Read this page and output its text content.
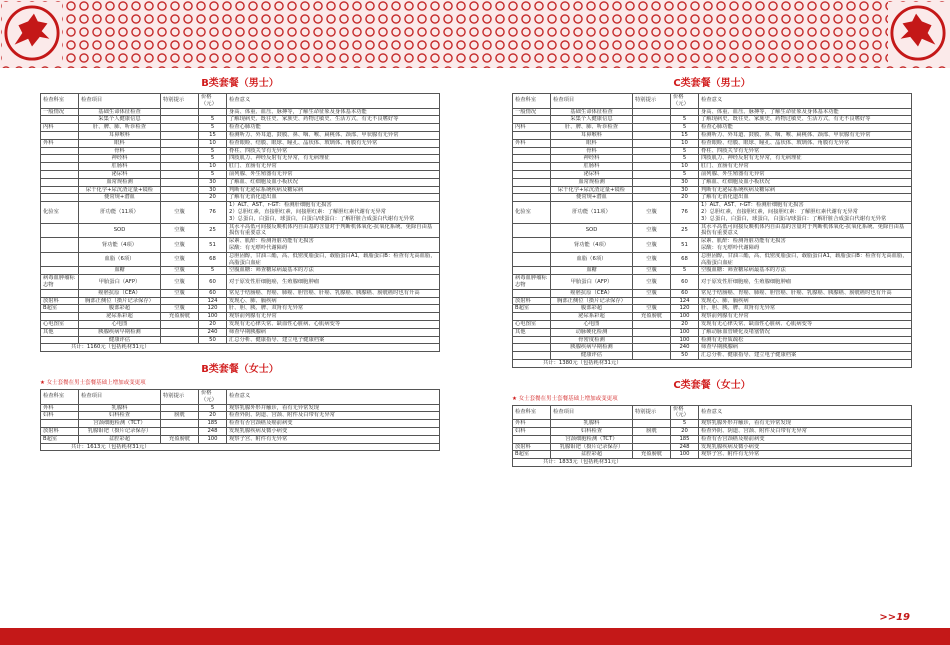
B类套餐（男士）
检查科室	检查项目	特别提示	价格（元）	检查意义
一般情况	基础生命体征检查			身高、体重、血压、脉搏等，了解生命征象及身体基本功能
	采集个人健康信息		5	了解现病史、既往史、家族史、药物过敏史、生活方式，有无不良嗜好等
内科	肝、脾、肺、听诊检查		5	检查心肺功能
	耳鼻喉科		15	检测听力、外耳道、鼓膜、鼻、咽、喉、扁桃体、颈部、甲状腺有无异常
外科	眼科		10	检查眼睑、结膜、眼球、瞳孔、晶状体、玻璃体、角膜有无异常
	骨科		5	脊柱、四肢关节有无异常
	神经科		5	四肢肌力、神经反射有无异常，有无病理征
	肛肠科		10	肛门、直肠有无异常
	泌尿科		5	前列腺、外生殖器有无异常
	血常规检测		30	了解血、红细胞及血小板状况
	尿干化学+尿沉渣定量+镜检		30	判断有无泌尿系统疾病及糖尿病
	便常规+潜血		20	了解有无消化道出血
化验室	肝功能（11项）	空腹	76	1）ALT、AST、r-GT：检测肝细胞有无损害
2）总胆红素，直接胆红素，间接胆红素：了解胆红素代谢有无异常
3）总蛋白，白蛋白，球蛋白，白蛋白/球蛋白：了解肝脏合成蛋白代谢有无异常
	SOD	空腹	25	其水平高低可间接反映机体内自由基的含量对于判断机体氧化-抗氧化系统、免除自由基损伤有重要意义
	肾功能（4项）	空腹	51	尿素、肌酐：检测肾脏功能有无损害
尿酸：有无嘌呤代谢障碍
	血脂（6项）	空腹	68	总胆固醇，甘油三酯，高、低密度脂蛋白，载脂蛋白A1，载脂蛋白B：检查有无高血脂，高脂蛋白血症
	血糖	空腹	5	空腹血糖：筛查糖尿病最基本的方法
病毒血肿瘤标志物	甲胎蛋白（AFP）	空腹	60	对于原发性肝细胞癌，生殖腺细胞肿瘤
	癌胚抗原（CEA）	空腹	60	常见于结肠癌、胃癌、肺癌、胆管癌、肝癌、乳腺癌、胰腺癌、膀胱癌时也有升高
放射科	胸部正侧位（摄片记录保存）		124	发现心、肺、膈疾病
B超室	腹部彩超	空腹	120	肝、胆、胰、脾、双肾有无异常
	泌尿系彩超	充盈膀胱	100	观察前列腺有无异常
心电图室	心电图		20	发现有无心律失常、缺血性心脏病、心肌病变等
其他	胰腺疾病早期检测		240	筛查早期胰腺病
	健康评估		50	汇总分析、健康指导、建立电子健康档案
共计：1160元（包括耗材31元）				
B类套餐（女士）
★ 女士套餐在男士套餐基础上增加或变更项
检查科室	检查项目	特别提示	价格（元）	检查意义
外科	乳腺科		5	观察乳腺外形并触诊，看有无异常发现
妇科	妇科检查	膀胱	20	检查外阴、阴道、宫颈、附件及白带有无异常
	宫颈细胞检测（TCT）		185	检查有否宫颈癌及癌前病变
放射科	乳腺钼钯（摄片记录保存）		248	发现乳腺疾病及微小病变
B超室	盆腔彩超	充盈膀胱	100	观察子宫、附件有无异常
共计：1613元（包括耗材31元）				
C类套餐（男士）
检查科室	检查项目	特别提示	价格（元）	检查意义
一般情况	基础生命体征检查			身高、体重、血压、脉搏等，了解生命征象及身体基本功能
	采集个人健康信息		5	了解现病史、既往史、家族史、药物过敏史、生活方式，有无不良嗜好等
内科	肝、脾、肺、听诊检查		5	检查心肺功能
	耳鼻喉科		15	检测听力、外耳道、鼓膜、鼻、咽、喉、扁桃体、颈部、甲状腺有无异常
外科	眼科		10	检查眼睑、结膜、眼球、瞳孔、晶状体、玻璃体、角膜有无异常
	骨科		5	脊柱、四肢关节有无异常
	神经科		5	四肢肌力、神经反射有无异常，有无病理征
	肛肠科		10	肛门、直肠有无异常
	泌尿科		5	前列腺、外生殖器有无异常
	血常规检测		30	了解血、红细胞及血小板状况
	尿干化学+尿沉渣定量+镜检		30	判断有无泌尿系统疾病及糖尿病
	便常规+潜血		20	了解有无消化道出血
化验室	肝功能（11项）	空腹	76	1）ALT、AST、r-GT：检测肝细胞有无损害
2）总胆红素，直接胆红素，间接胆红素：了解胆红素代谢有无异常
3）总蛋白，白蛋白，球蛋白，白蛋白/球蛋白：了解肝脏合成蛋白代谢有无异常
	SOD	空腹	25	其水平高低可间接反映机体内自由基的含量对于判断机体氧化-抗氧化系统、免除自由基损伤有重要意义
	肾功能（4项）	空腹	51	尿素、肌酐：检测肾脏功能有无损害
尿酸：有无嘌呤代谢障碍
	血脂（6项）	空腹	68	总胆固醇，甘油三酯，高、低密度脂蛋白，载脂蛋白A1，载脂蛋白B：检查有无高血脂，高脂蛋白血症
	血糖	空腹	5	空腹血糖：筛查糖尿病最基本的方法
病毒血肿瘤标志物	甲胎蛋白（AFP）	空腹	60	对于原发性肝细胞癌，生殖腺细胞肿瘤
	癌胚抗原（CEA）	空腹	60	常见于结肠癌、胃癌、肺癌、胆管癌、肝癌、乳腺癌、胰腺癌、膀胱癌时也有升高
放射科	胸部正侧位（摄片记录保存）		124	发现心、肺、膈疾病
B超室	腹部彩超	空腹	120	肝、胆、胰、脾、双肾有无异常
	泌尿系彩超	充盈膀胱	100	观察前列腺有无异常
心电图室	心电图		20	发现有无心律失常、缺血性心脏病、心肌病变等
其他	动脉硬化检测		100	了解动脉血管硬化及堵塞情况
	骨密度检测		100	检测有无骨质疏松
	胰腺疾病早期检测		240	筛查早期胰腺病
	健康评估		50	汇总分析、健康指导、建立电子健康档案
共计：1380元（包括耗材31元）				
C类套餐（女士）
★ 女士套餐在男士套餐基础上增加或变更项
检查科室	检查项目	特别提示	价格（元）	检查意义
外科	乳腺科		5	观察乳腺外形并触诊，看有无异常发现
妇科	妇科检查	膀胱	20	检查外阴、阴道、宫颈、附件及白带有无异常
	宫颈细胞检测（TCT）		185	检查有否宫颈癌及癌前病变
放射科	乳腺钼钯（摄片记录保存）		248	发现乳腺疾病及微小病变
B超室	盆腔彩超	充盈膀胱	100	观察子宫、附件有无异常
共计：1833元（包括耗材31元）				
>>19
